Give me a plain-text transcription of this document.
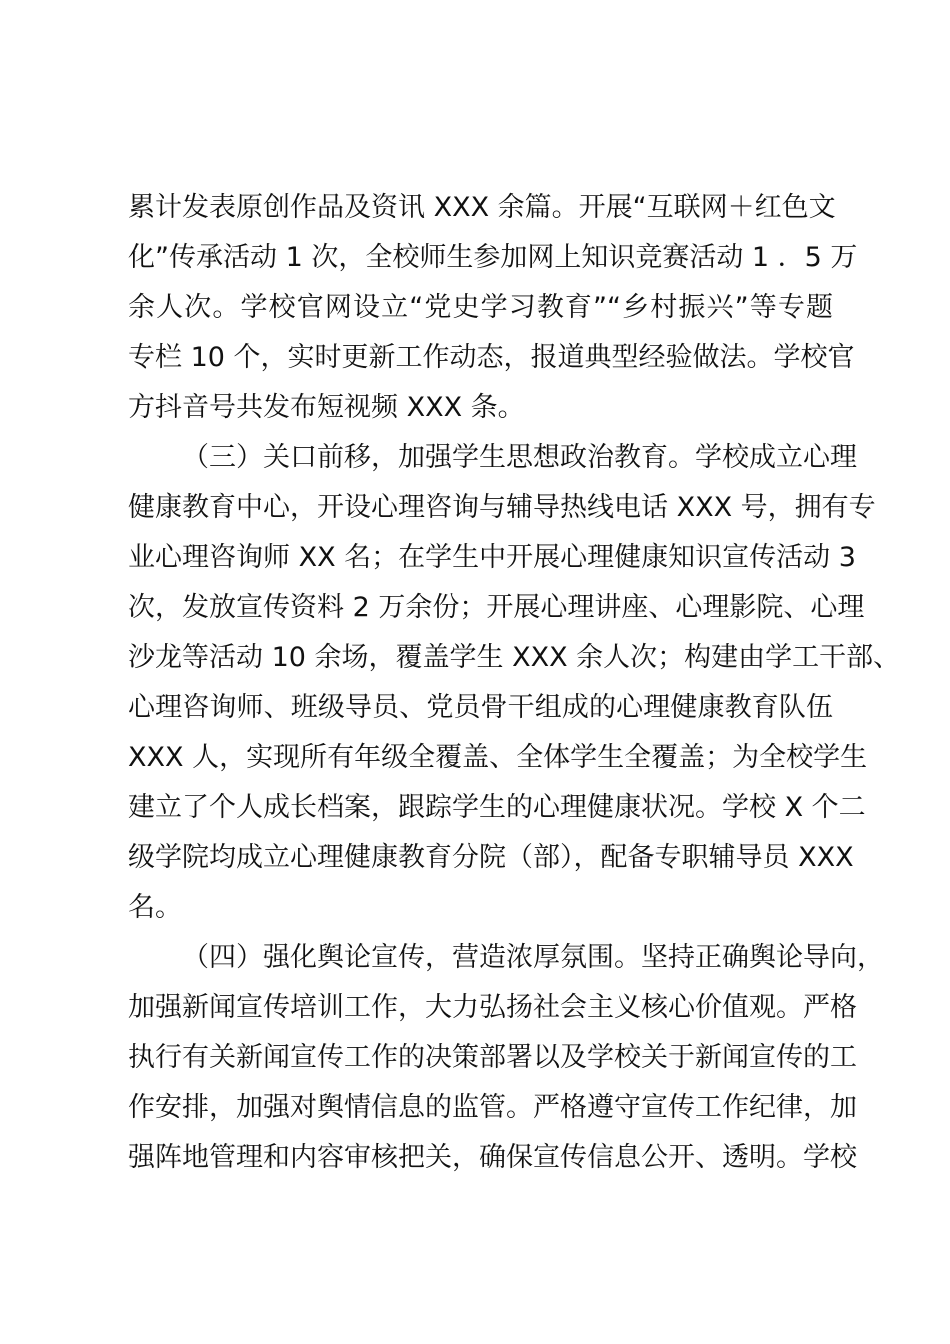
累计发表原创作品及资讯 XXX 余篇。开展“互联网＋红色文
化”传承活动 1 次，全校师生参加网上知识竞赛活动 1 ．5 万
余人次。学校官网设立“党史学习教育”“乡村振兴”等专题
专栏 10 个，实时更新工作动态，报道典型经验做法。学校官
方抖音号共发布短视频 XXX 条。
（三）关口前移，加强学生思想政治教育。学校成立心理
健康教育中心，开设心理咨询与辅导热线电话 XXX 号，拥有专
业心理咨询师 XX 名；在学生中开展心理健康知识宣传活动 3
次，发放宣传资料 2 万余份；开展心理讲座、心理影院、心理
沙龙等活动 10 余场，覆盖学生 XXX 余人次；构建由学工干部、
心理咨询师、班级导员、党员骨干组成的心理健康教育队伍
XXX 人，实现所有年级全覆盖、全体学生全覆盖；为全校学生
建立了个人成长档案，跟踪学生的心理健康状况。学校 X 个二
级学院均成立心理健康教育分院（部），配备专职辅导员 XXX
名。
（四）强化舆论宣传，营造浓厚氛围。坚持正确舆论导向，
加强新闻宣传培训工作，大力弘扬社会主义核心价值观。严格
执行有关新闻宣传工作的决策部署以及学校关于新闻宣传的工
作安排，加强对舆情信息的监管。严格遵守宣传工作纪律，加
强阵地管理和内容审核把关，确保宣传信息公开、透明。学校
